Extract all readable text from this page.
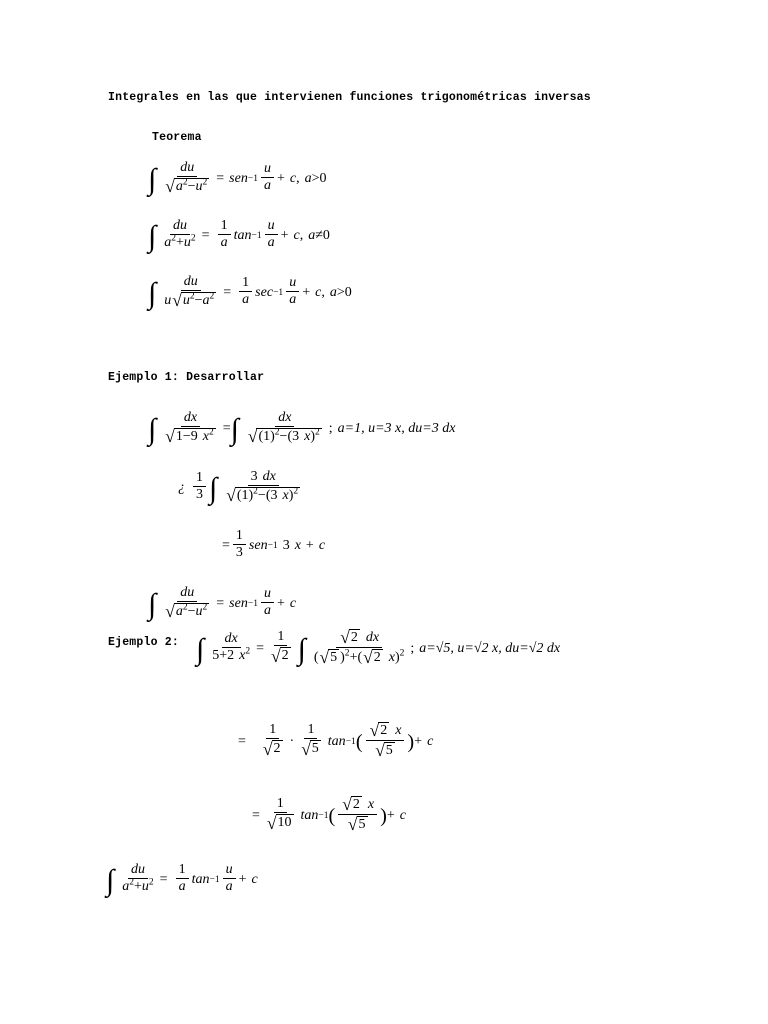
Integrales en las que intervienen funciones trigonométricas inversas
Teorema
∫ $\frac{du}{√ a^2-u^2}$ = sen $-1 \frac{u}{a} + c$ , a >0
∫ $\frac{du}{a^2+u^2} = \frac{1}{a}$ $\tan -1 \frac{u}{a} + c$ , a ≠0
∫ $\frac{du}{u √ u^2-a^2} = \frac{1}{a}$ $\sec -1 \frac{u}{a} + c$ , a >0
Ejemplo 1: Desarrollar
∫ $\frac{dx}{√ 1-9 x^2}$ = ∫ $\frac{dx}{√ (1)^2-(3 x)^2}$ ; a=1, u=3 x, du=3 dx
¿ $\frac{1}{3}$ ∫ $\frac{3 dx}{√ (1)^2-(3 x)^2}$
= $\frac{1}{3}$ sen −1 3 x + c
∫ $\frac{du}{√ a^2-u^2}$ = sen $-1 \frac{u}{a} + c$
Ejemplo 2: ∫ $\frac{dx}{5+2 x^2} = \frac{1}{√ 2}$ ∫ $\frac{√ 2 dx}{( √ 5 )^2+( √ 2 x)^2}$ ; a=√5, u=√2 x, du=√2 dx
= $\frac{1}{√ 2} \cdot \frac{1}{√ 5}$ tan −1 ( $\frac{√ 2 x}{√ 5}$ ) + c
= $\frac{1}{√ 10}$ tan −1 ( $\frac{√ 2 x}{√ 5}$ ) + c
∫ $\frac{du}{a^2+u^2} = \frac{1}{a}$ $\tan -1 \frac{u}{a} + c$
